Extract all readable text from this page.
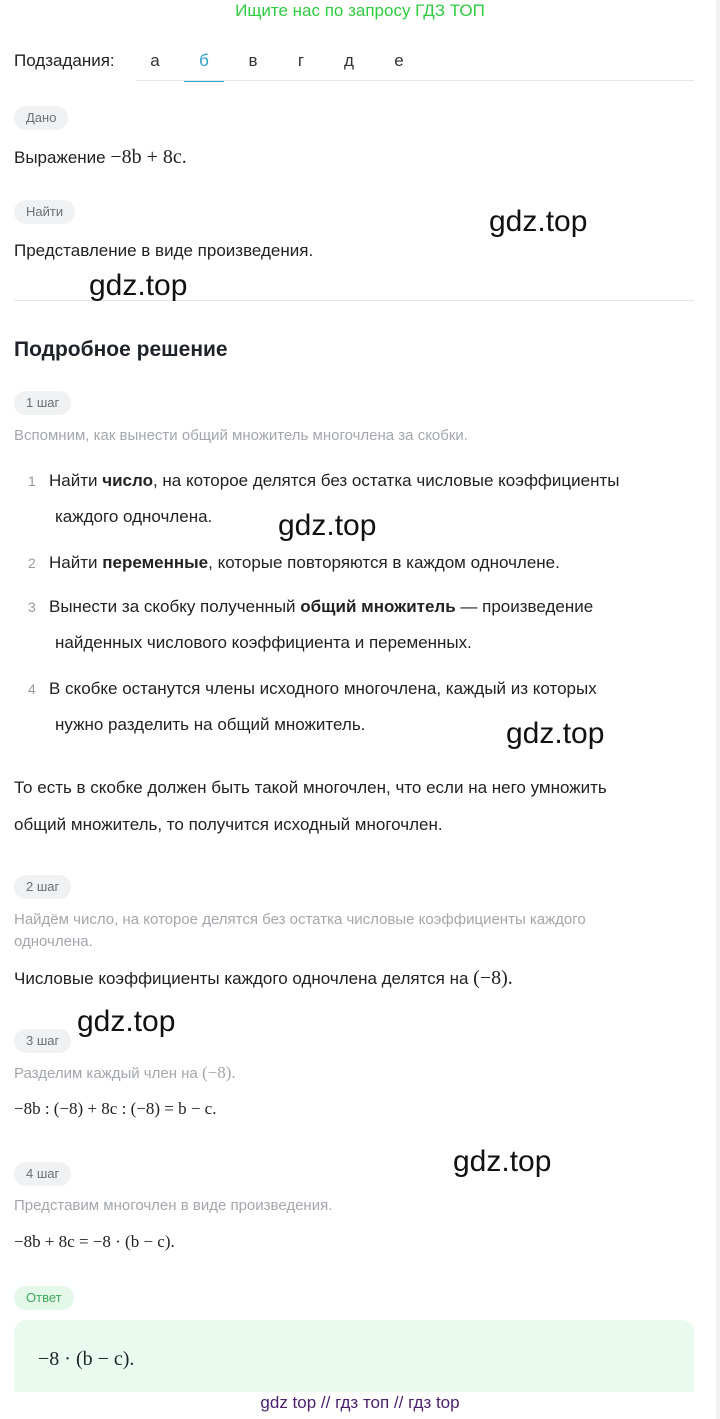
Ищите нас по запросу ГДЗ ТОП
Подзадания:	а	б	в	г	д	е
Дано
Выражение −8b + 8c.
Найти
Представление в виде произведения.
Подробное решение
1 шаг
Вспомним, как вынести общий множитель многочлена за скобки.
1 Найти число, на которое делятся без остатка числовые коэффициенты
каждого одночлена.
2 Найти переменные, которые повторяются в каждом одночлене.
3 Вынести за скобку полученный общий множитель — произведение
найденных числового коэффициента и переменных.
4 В скобке останутся члены исходного многочлена, каждый из которых
нужно разделить на общий множитель.
То есть в скобке должен быть такой многочлен, что если на него умножить
общий множитель, то получится исходный многочлен.
2 шаг
Найдём число, на которое делятся без остатка числовые коэффициенты каждого
одночлена.
Числовые коэффициенты каждого одночлена делятся на (−8).
3 шаг
Разделим каждый член на (−8).
−8b : (−8) + 8c : (−8) = b − c.
4 шаг
Представим многочлен в виде произведения.
−8b + 8c = −8 · (b − c).
Ответ
−8 · (b − c).
gdz.top
gdz.top
gdz.top
gdz.top
gdz.top
gdz.top
gdz top // гдз топ // гдз top
